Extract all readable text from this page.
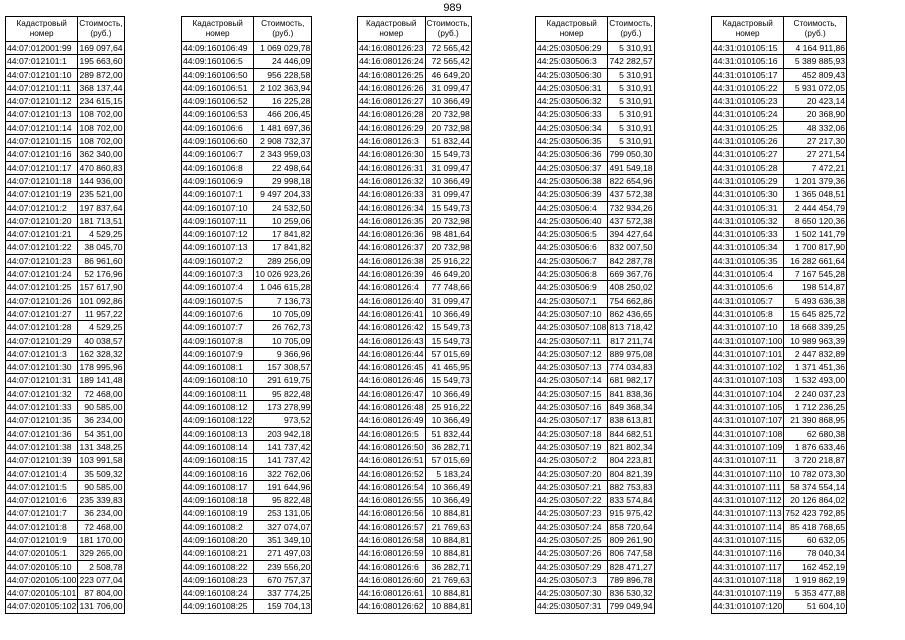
989
Кадастровый номер	Стоимость, (руб.)
44:07:012001:99	169 097,64
44:07:012101:1	195 663,60
44:07:012101:10	289 872,00
44:07:012101:11	368 137,44
44:07:012101:12	234 615,15
44:07:012101:13	108 702,00
44:07:012101:14	108 702,00
44:07:012101:15	108 702,00
44:07:012101:16	362 340,00
44:07:012101:17	470 860,83
44:07:012101:18	144 936,00
44:07:012101:19	235 521,00
44:07:012101:2	197 837,64
44:07:012101:20	181 713,51
44:07:012101:21	4 529,25
44:07:012101:22	38 045,70
44:07:012101:23	86 961,60
44:07:012101:24	52 176,96
44:07:012101:25	157 617,90
44:07:012101:26	101 092,86
44:07:012101:27	11 957,22
44:07:012101:28	4 529,25
44:07:012101:29	40 038,57
44:07:012101:3	162 328,32
44:07:012101:30	178 995,96
44:07:012101:31	189 141,48
44:07:012101:32	72 468,00
44:07:012101:33	90 585,00
44:07:012101:35	36 234,00
44:07:012101:36	54 351,00
44:07:012101:38	131 348,25
44:07:012101:39	103 991,58
44:07:012101:4	35 509,32
44:07:012101:5	90 585,00
44:07:012101:6	235 339,83
44:07:012101:7	36 234,00
44:07:012101:8	72 468,00
44:07:012101:9	181 170,00
44:07:020105:1	329 265,00
44:07:020105:10	2 508,78
44:07:020105:100	223 077,04
44:07:020105:101	87 804,00
44:07:020105:102	131 706,00
Кадастровый номер	Стоимость, (руб.)
44:09:160106:49	1 069 029,78
44:09:160106:5	24 446,09
44:09:160106:50	956 228,58
44:09:160106:51	2 102 363,94
44:09:160106:52	16 225,28
44:09:160106:53	466 206,45
44:09:160106:6	1 481 697,36
44:09:160106:60	2 908 732,37
44:09:160106:7	2 343 959,03
44:09:160106:8	22 498,64
44:09:160106:9	29 998,18
44:09:160107:1	9 497 204,33
44:09:160107:10	24 532,50
44:09:160107:11	10 259,06
44:09:160107:12	17 841,82
44:09:160107:13	17 841,82
44:09:160107:2	289 256,09
44:09:160107:3	10 026 923,26
44:09:160107:4	1 046 615,28
44:09:160107:5	7 136,73
44:09:160107:6	10 705,09
44:09:160107:7	26 762,73
44:09:160107:8	10 705,09
44:09:160107:9	9 366,96
44:09:160108:1	157 308,57
44:09:160108:10	291 619,75
44:09:160108:11	95 822,48
44:09:160108:12	173 278,99
44:09:160108:122	973,52
44:09:160108:13	203 942,18
44:09:160108:14	141 737,42
44:09:160108:15	141 737,42
44:09:160108:16	322 762,06
44:09:160108:17	191 644,96
44:09:160108:18	95 822,48
44:09:160108:19	253 131,05
44:09:160108:2	327 074,07
44:09:160108:20	351 349,10
44:09:160108:21	271 497,03
44:09:160108:22	239 556,20
44:09:160108:23	670 757,37
44:09:160108:24	337 774,25
44:09:160108:25	159 704,13
Кадастровый номер	Стоимость, (руб.)
44:16:080126:23	72 565,42
44:16:080126:24	72 565,42
44:16:080126:25	46 649,20
44:16:080126:26	31 099,47
44:16:080126:27	10 366,49
44:16:080126:28	20 732,98
44:16:080126:29	20 732,98
44:16:080126:3	51 832,44
44:16:080126:30	15 549,73
44:16:080126:31	31 099,47
44:16:080126:32	10 366,49
44:16:080126:33	31 099,47
44:16:080126:34	15 549,73
44:16:080126:35	20 732,98
44:16:080126:36	98 481,64
44:16:080126:37	20 732,98
44:16:080126:38	25 916,22
44:16:080126:39	46 649,20
44:16:080126:4	77 748,66
44:16:080126:40	31 099,47
44:16:080126:41	10 366,49
44:16:080126:42	15 549,73
44:16:080126:43	15 549,73
44:16:080126:44	57 015,69
44:16:080126:45	41 465,95
44:16:080126:46	15 549,73
44:16:080126:47	10 366,49
44:16:080126:48	25 916,22
44:16:080126:49	10 366,49
44:16:080126:5	51 832,44
44:16:080126:50	36 282,71
44:16:080126:51	57 015,69
44:16:080126:52	5 183,24
44:16:080126:54	10 366,49
44:16:080126:55	10 366,49
44:16:080126:56	10 884,81
44:16:080126:57	21 769,63
44:16:080126:58	10 884,81
44:16:080126:59	10 884,81
44:16:080126:6	36 282,71
44:16:080126:60	21 769,63
44:16:080126:61	10 884,81
44:16:080126:62	10 884,81
Кадастровый номер	Стоимость, (руб.)
44:25:030506:29	5 310,91
44:25:030506:3	742 282,57
44:25:030506:30	5 310,91
44:25:030506:31	5 310,91
44:25:030506:32	5 310,91
44:25:030506:33	5 310,91
44:25:030506:34	5 310,91
44:25:030506:35	5 310,91
44:25:030506:36	799 050,30
44:25:030506:37	491 549,18
44:25:030506:38	822 654,96
44:25:030506:39	437 572,38
44:25:030506:4	732 934,26
44:25:030506:40	437 572,38
44:25:030506:5	394 427,64
44:25:030506:6	832 007,50
44:25:030506:7	842 287,78
44:25:030506:8	669 367,76
44:25:030506:9	408 250,02
44:25:030507:1	754 662,86
44:25:030507:10	862 436,65
44:25:030507:108	813 718,42
44:25:030507:11	817 211,74
44:25:030507:12	889 975,08
44:25:030507:13	774 034,83
44:25:030507:14	681 982,17
44:25:030507:15	841 838,36
44:25:030507:16	849 368,34
44:25:030507:17	838 613,81
44:25:030507:18	844 682,51
44:25:030507:19	821 802,34
44:25:030507:2	804 223,81
44:25:030507:20	804 821,39
44:25:030507:21	882 753,83
44:25:030507:22	833 574,84
44:25:030507:23	915 975,42
44:25:030507:24	858 720,64
44:25:030507:25	809 261,90
44:25:030507:26	806 747,58
44:25:030507:29	828 471,27
44:25:030507:3	789 896,78
44:25:030507:30	836 530,32
44:25:030507:31	799 049,94
Кадастровый номер	Стоимость, (руб.)
44:31:010105:15	4 164 911,86
44:31:010105:16	5 389 885,93
44:31:010105:17	452 809,43
44:31:010105:22	5 931 072,05
44:31:010105:23	20 423,14
44:31:010105:24	20 368,90
44:31:010105:25	48 332,06
44:31:010105:26	27 217,30
44:31:010105:27	27 271,54
44:31:010105:28	7 472,21
44:31:010105:29	1 201 379,36
44:31:010105:30	1 365 048,51
44:31:010105:31	2 444 454,79
44:31:010105:32	8 650 120,36
44:31:010105:33	1 502 141,79
44:31:010105:34	1 700 817,90
44:31:010105:35	16 282 661,64
44:31:010105:4	7 167 545,28
44:31:010105:6	198 514,87
44:31:010105:7	5 493 636,38
44:31:010105:8	15 645 825,72
44:31:010107:10	18 668 339,25
44:31:010107:100	10 989 963,39
44:31:010107:101	2 447 832,89
44:31:010107:102	1 371 451,36
44:31:010107:103	1 532 493,00
44:31:010107:104	2 240 037,23
44:31:010107:105	1 712 236,25
44:31:010107:107	21 390 868,95
44:31:010107:108	62 680,38
44:31:010107:109	1 876 633,46
44:31:010107:11	3 720 218,87
44:31:010107:110	10 782 073,30
44:31:010107:111	58 374 554,14
44:31:010107:112	20 126 864,02
44:31:010107:113	752 423 792,85
44:31:010107:114	85 418 768,65
44:31:010107:115	60 632,05
44:31:010107:116	78 040,34
44:31:010107:117	162 452,19
44:31:010107:118	1 919 862,19
44:31:010107:119	5 353 477,88
44:31:010107:120	51 604,10
